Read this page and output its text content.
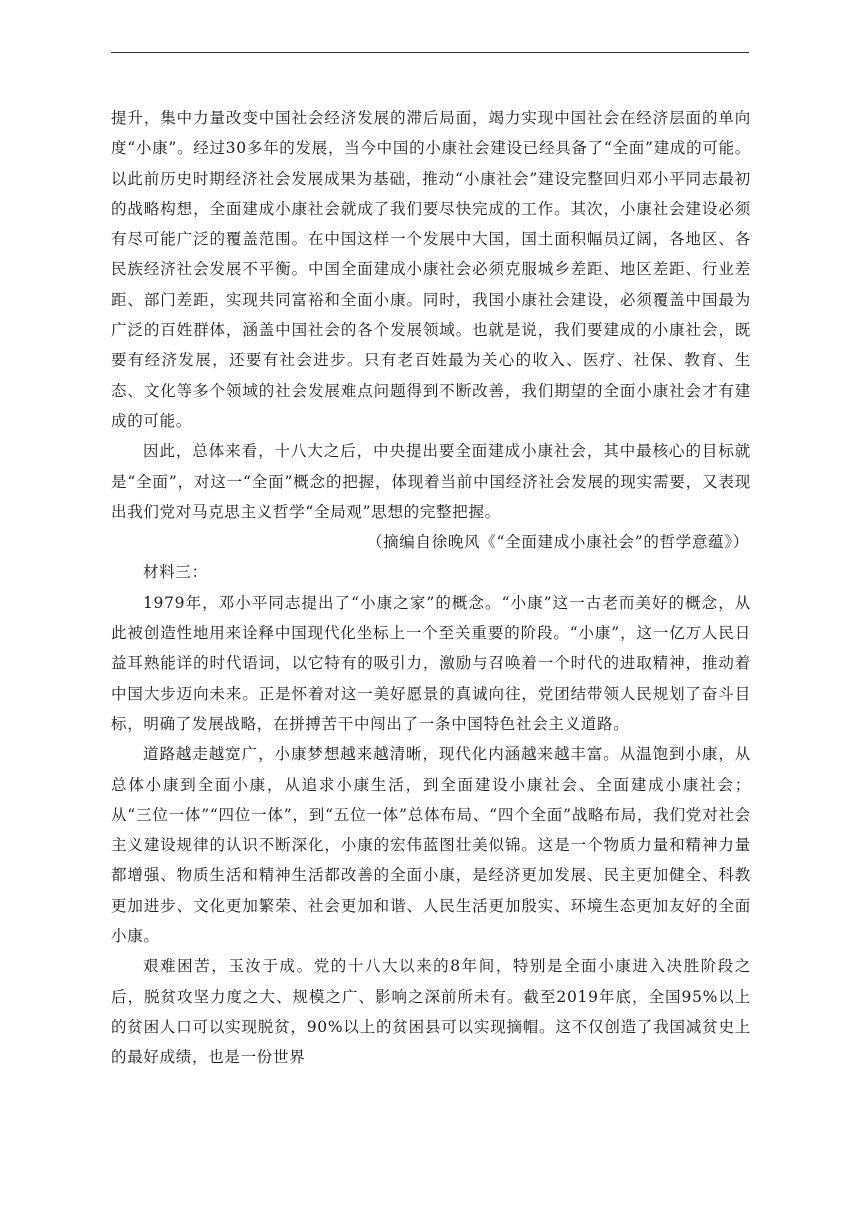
提升，集中力量改变中国社会经济发展的滞后局面，竭力实现中国社会在经济层面的单向度“小康”。经过30多年的发展，当今中国的小康社会建设已经具备了“全面”建成的可能。以此前历史时期经济社会发展成果为基础，推动“小康社会”建设完整回归邓小平同志最初的战略构想，全面建成小康社会就成了我们要尽快完成的工作。其次，小康社会建设必须有尽可能广泛的覆盖范围。在中国这样一个发展中大国，国土面积幅员辽阔，各地区、各民族经济社会发展不平衡。中国全面建成小康社会必须克服城乡差距、地区差距、行业差距、部门差距，实现共同富裕和全面小康。同时，我国小康社会建设，必须覆盖中国最为广泛的百姓群体，涵盖中国社会的各个发展领域。也就是说，我们要建成的小康社会，既要有经济发展，还要有社会进步。只有老百姓最为关心的收入、医疗、社保、教育、生态、文化等多个领域的社会发展难点问题得到不断改善，我们期望的全面小康社会才有建成的可能。

因此，总体来看，十八大之后，中央提出要全面建成小康社会，其中最核心的目标就是“全面”，对这一“全面”概念的把握，体现着当前中国经济社会发展的现实需要，又表现出我们党对马克思主义哲学“全局观”思想的完整把握。

（摘编自徐晚风《“全面建成小康社会”的哲学意蕴》）

材料三：

1979年，邓小平同志提出了“小康之家”的概念。“小康”这一古老而美好的概念，从此被创造性地用来诠释中国现代化坐标上一个至关重要的阶段。“小康”，这一亿万人民日益耳熟能详的时代语词，以它特有的吸引力，激励与召唤着一个时代的进取精神，推动着中国大步迈向未来。正是怀着对这一美好愿景的真诚向往，党团结带领人民规划了奋斗目标，明确了发展战略，在拼搏苦干中闯出了一条中国特色社会主义道路。

道路越走越宽广，小康梦想越来越清晰，现代化内涵越来越丰富。从温饱到小康，从总体小康到全面小康，从追求小康生活，到全面建设小康社会、全面建成小康社会；从“三位一体”“四位一体”，到“五位一体”总体布局、“四个全面”战略布局，我们党对社会主义建设规律的认识不断深化，小康的宏伟蓝图壮美似锦。这是一个物质力量和精神力量都增强、物质生活和精神生活都改善的全面小康，是经济更加发展、民主更加健全、科教更加进步、文化更加繁荣、社会更加和谐、人民生活更加殷实、环境生态更加友好的全面小康。

艰难困苦，玉汝于成。党的十八大以来的8年间，特别是全面小康进入决胜阶段之后，脱贫攻坚力度之大、规模之广、影响之深前所未有。截至2019年底，全国95%以上的贫困人口可以实现脱贫，90%以上的贫困县可以实现摘帽。这不仅创造了我国减贫史上的最好成绩，也是一份世界
